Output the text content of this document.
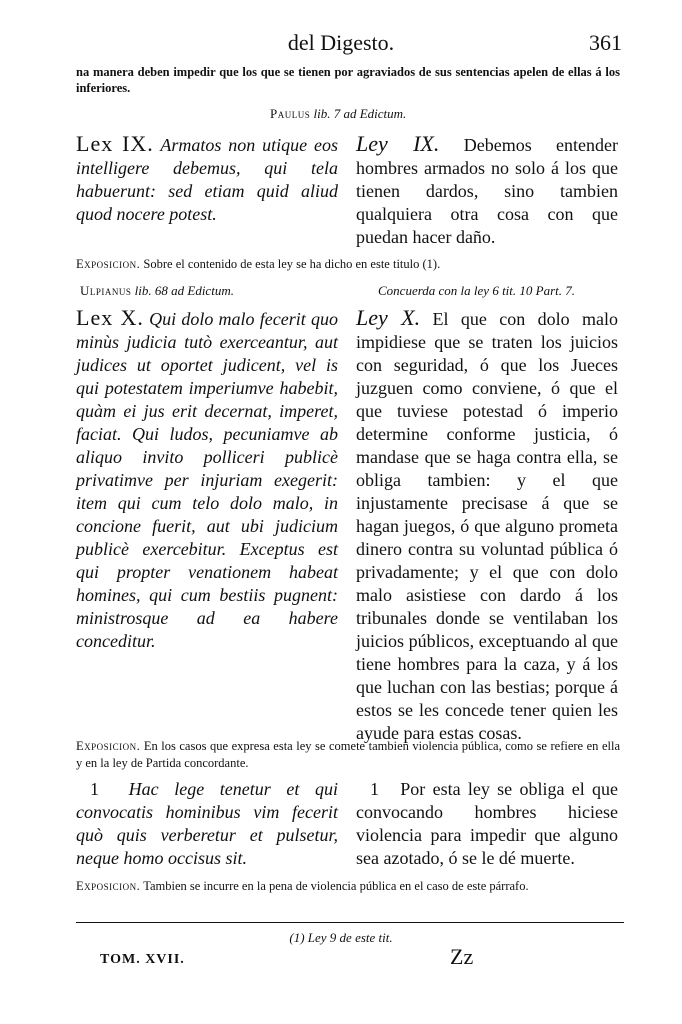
del Digesto.	361
na manera deben impedir que los que se tienen por agraviados de sus sentencias apelen de ellas á los inferiores.
Paulus lib. 7 ad Edictum.
Lex IX. Armatos non utique eos intelligere debemus, qui tela habuerunt: sed etiam quid aliud quod nocere potest.
Ley IX. Debemos entender hombres armados no solo á los que tienen dardos, sino tambien qualquiera otra cosa con que puedan hacer daño.
Exposicion. Sobre el contenido de esta ley se ha dicho en este titulo (1).
Ulpianus lib. 68 ad Edictum.	Concuerda con la ley 6 tit. 10 Part. 7.
Lex X. Qui dolo malo fecerit quo minùs judicia tutò exerceantur, aut judices ut oportet judicent, vel is qui potestatem imperiumve habebit, quàm ei jus erit decernat, imperet, faciat. Qui ludos, pecuniamve ab aliquo invito polliceri publicè privatimve per injuriam exegerit: item qui cum telo dolo malo, in concione fuerit, aut ubi judicium publicè exercebitur. Exceptus est qui propter venationem habeat homines, qui cum bestiis pugnent: ministrosque ad ea habere conceditur.
Ley X. El que con dolo malo impidiese que se traten los juicios con seguridad, ó que los Jueces juzguen como conviene, ó que el que tuviese potestad ó imperio determine conforme justicia, ó mandase que se haga contra ella, se obliga tambien: y el que injustamente precisase á que se hagan juegos, ó que alguno prometa dinero contra su voluntad pública ó privadamente; y el que con dolo malo asistiese con dardo á los tribunales donde se ventilaban los juicios públicos, exceptuando al que tiene hombres para la caza, y á los que luchan con las bestias; porque á estos se les concede tener quien les ayude para estas cosas.
Exposicion. En los casos que expresa esta ley se comete tambien violencia pública, como se refiere en ella y en la ley de Partida concordante.
1 Hac lege tenetur et qui convocatis hominibus vim fecerit quò quis verberetur et pulsetur, neque homo occisus sit.
1 Por esta ley se obliga el que convocando hombres hiciese violencia para impedir que alguno sea azotado, ó se le dé muerte.
Exposicion. Tambien se incurre en la pena de violencia pública en el caso de este párrafo.
(1) Ley 9 de este tit.
TOM. XVII.	Zz
